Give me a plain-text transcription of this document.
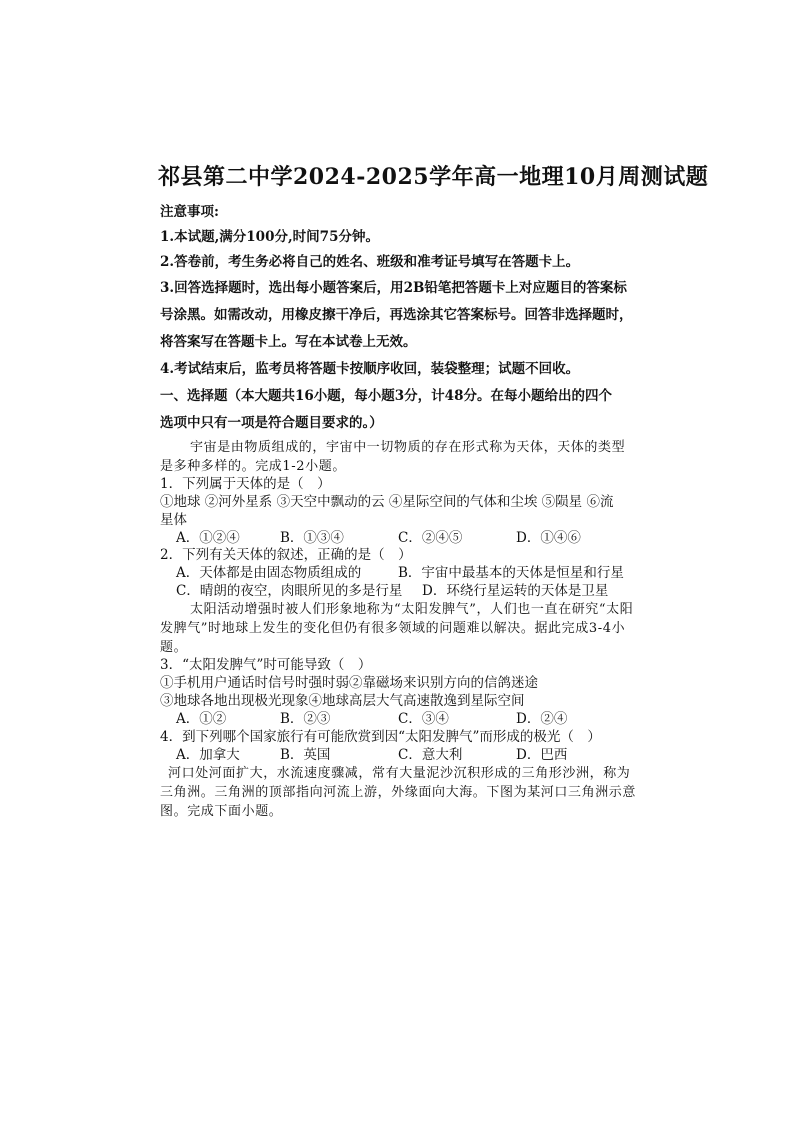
祁县第二中学2024-2025学年高一地理10月周测试题
注意事项:
1.本试题,满分100分,时间75分钟。
2.答卷前，考生务必将自己的姓名、班级和准考证号填写在答题卡上。
3.回答选择题时，选出每小题答案后，用2B铅笔把答题卡上对应题目的答案标
号涂黑。如需改动，用橡皮擦干净后，再选涂其它答案标号。回答非选择题时，
将答案写在答题卡上。写在本试卷上无效。
4.考试结束后，监考员将答题卡按顺序收回，装袋整理；试题不回收。
一、选择题（本大题共16小题，每小题3分，计48分。在每小题给出的四个
选项中只有一项是符合题目要求的。）
宇宙是由物质组成的，宇宙中一切物质的存在形式称为天体，天体的类型
是多种多样的。完成1-2小题。
1．下列属于天体的是（　）
①地球 ②河外星系 ③天空中飘动的云 ④星际空间的气体和尘埃 ⑤陨星 ⑥流
星体
A．①②④	B．①③④	C．②④⑤	D．①④⑥
2．下列有关天体的叙述，正确的是（　）
A．天体都是由固态物质组成的	B．宇宙中最基本的天体是恒星和行星
C．晴朗的夜空，肉眼所见的多是行星 D．环绕行星运转的天体是卫星
太阳活动增强时被人们形象地称为“太阳发脾气”，人们也一直在研究“太阳
发脾气”时地球上发生的变化但仍有很多领域的问题难以解决。据此完成3-4小
题。
3．“太阳发脾气”时可能导致（　）
①手机用户通话时信号时强时弱②靠磁场来识别方向的信鸽迷途
③地球各地出现极光现象④地球高层大气高速散逸到星际空间
A．①②	B．②③	C．③④	D．②④
4．到下列哪个国家旅行有可能欣赏到因“太阳发脾气”而形成的极光（　）
A．加拿大	B．英国	C．意大利	D．巴西
河口处河面扩大，水流速度骤减，常有大量泥沙沉积形成的三角形沙洲，称为
三角洲。三角洲的顶部指向河流上游，外缘面向大海。下图为某河口三角洲示意
图。完成下面小题。
